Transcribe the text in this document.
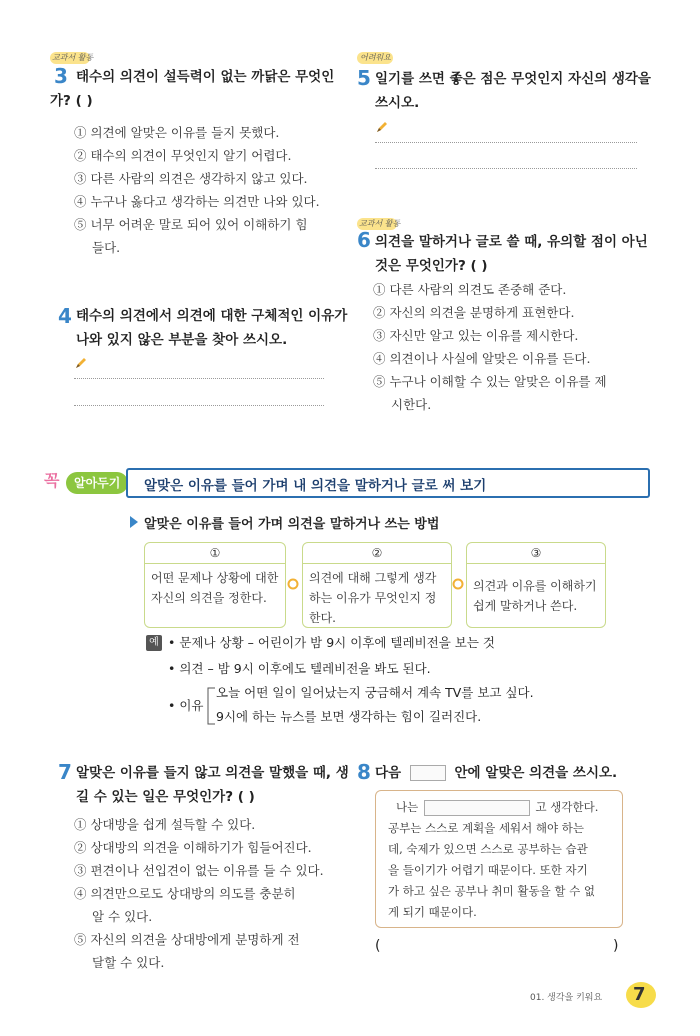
교과서 활동
3 태수의 의견이 설득력이 없는 까닭은 무엇인
가? ( )
① 의견에 알맞은 이유를 들지 못했다.
② 태수의 의견이 무엇인지 알기 어렵다.
③ 다른 사람의 의견은 생각하지 않고 있다.
④ 누구나 옳다고 생각하는 의견만 나와 있다.
⑤ 너무 어려운 말로 되어 있어 이해하기 힘
들다.
4 태수의 의견에서 의견에 대한 구체적인 이유가
나와 있지 않은 부분을 찾아 쓰시오.
어려워요
5 일기를 쓰면 좋은 점은 무엇인지 자신의 생각을
쓰시오.
교과서 활동
6 의견을 말하거나 글로 쓸 때, 유의할 점이 아닌
것은 무엇인가? ( )
① 다른 사람의 의견도 존중해 준다.
② 자신의 의견을 분명하게 표현한다.
③ 자신만 알고 있는 이유를 제시한다.
④ 의견이나 사실에 알맞은 이유를 든다.
⑤ 누구나 이해할 수 있는 알맞은 이유를 제
시한다.
꼭	알아두기	알맞은 이유를 들어 가며 내 의견을 말하거나 글로 써 보기
알맞은 이유를 들어 가며 의견을 말하거나 쓰는 방법
①
어떤 문제나 상황에 대한 자신의 의견을 정한다.
②
의견에 대해 그렇게 생각하는 이유가 무엇인지 정한다.
③
의견과 이유를 이해하기 쉽게 말하거나 쓴다.
예 • 문제나 상황 – 어린이가 밤 9시 이후에 텔레비전을 보는 것
• 의견 – 밤 9시 이후에도 텔레비전을 봐도 된다.
• 이유
오늘 어떤 일이 일어났는지 궁금해서 계속 TV를 보고 싶다.
9시에 하는 뉴스를 보면 생각하는 힘이 길러진다.
7 알맞은 이유를 들지 않고 의견을 말했을 때, 생
길 수 있는 일은 무엇인가? ( )
① 상대방을 쉽게 설득할 수 있다.
② 상대방의 의견을 이해하기가 힘들어진다.
③ 편견이나 선입견이 없는 이유를 들 수 있다.
④ 의견만으로도 상대방의 의도를 충분히
알 수 있다.
⑤ 자신의 의견을 상대방에게 분명하게 전
달할 수 있다.
8 다음	안에 알맞은 의견을 쓰시오.
나는	고 생각한다.
공부는 스스로 계획을 세워서 해야 하는
데, 숙제가 있으면 스스로 공부하는 습관
을 들이기가 어렵기 때문이다. 또한 자기
가 하고 싶은 공부나 취미 활동을 할 수 없
게 되기 때문이다.
(	)
01. 생각을 키워요 7
